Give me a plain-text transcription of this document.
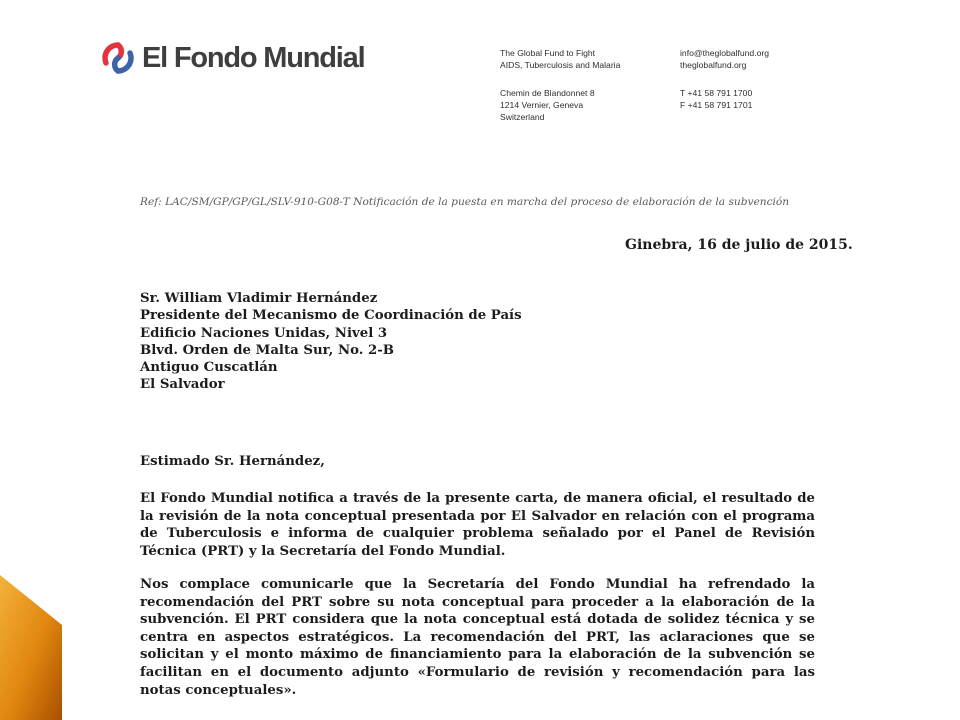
El Fondo Mundial	The Global Fund to Fight
AIDS, Tuberculosis and Malaria
Chemin de Blandonnet 8
1214 Vernier, Geneva
Switzerland
info@theglobalfund.org
theglobalfund.org
T +41 58 791 1700
F +41 58 791 1701
Ref: LAC/SM/GP/GP/GL/SLV-910-G08-T Notificación de la puesta en marcha del proceso de elaboración de la subvención
Ginebra, 16 de julio de 2015.
Sr. William Vladimir Hernández
Presidente del Mecanismo de Coordinación de País
Edificio Naciones Unidas, Nivel 3
Blvd. Orden de Malta Sur, No. 2-B
Antiguo Cuscatlán
El Salvador
Estimado Sr. Hernández,

El Fondo Mundial notifica a través de la presente carta, de manera oficial, el resultado de la revisión de la nota conceptual presentada por El Salvador en relación con el programa de Tuberculosis e informa de cualquier problema señalado por el Panel de Revisión Técnica (PRT) y la Secretaría del Fondo Mundial.

Nos complace comunicarle que la Secretaría del Fondo Mundial ha refrendado la recomendación del PRT sobre su nota conceptual para proceder a la elaboración de la subvención. El PRT considera que la nota conceptual está dotada de solidez técnica y se centra en aspectos estratégicos. La recomendación del PRT, las aclaraciones que se solicitan y el monto máximo de financiamiento para la elaboración de la subvención se facilitan en el documento adjunto «Formulario de revisión y recomendación para las notas conceptuales».
